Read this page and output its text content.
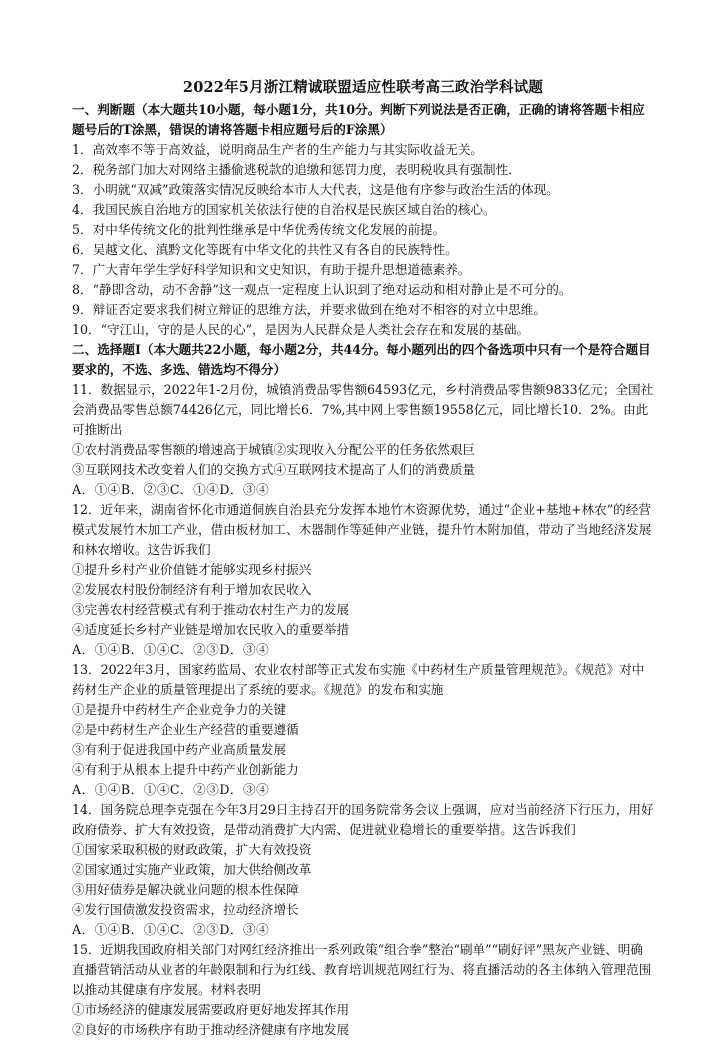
2022年5月浙江精诚联盟适应性联考高三政治学科试题
一、判断题（本大题共10小题，每小题1分，共10分。判断下列说法是否正确，正确的请将答题卡相应题号后的T涂黑，错误的请将答题卡相应题号后的F涂黑）
1．高效率不等于高效益，说明商品生产者的生产能力与其实际收益无关。
2．税务部门加大对网络主播偷逃税款的追缴和惩罚力度，表明税收具有强制性．
3．小明就“双减”政策落实情况反映给本市人大代表，这是他有序参与政治生活的体现。
4．我国民族自治地方的国家机关依法行使的自治权是民族区域自治的核心。
5．对中华传统文化的批判性继承是中华优秀传统文化发展的前提。
6．吴越文化、滇黔文化等既有中华文化的共性又有各自的民族特性。
7．广大青年学生学好科学知识和文史知识，有助于提升思想道德素养。
8．“静即含动，动不舍静”这一观点一定程度上认识到了绝对运动和相对静止是不可分的。
9．辩证否定要求我们树立辩证的思维方法，并要求做到在绝对不相容的对立中思维。
10．“守江山，守的是人民的心”，是因为人民群众是人类社会存在和发展的基础。
二、选择题Ⅰ（本大题共22小题，每小题2分，共44分。每小题列出的四个备选项中只有一个是符合题目要求的，不选、多选、错选均不得分）
11．数据显示，2022年1-2月份，城镇消费品零售额64593亿元，乡村消费品零售额9833亿元；全国社会消费品零售总额74426亿元，同比增长6．7%,其中网上零售额19558亿元，同比增长10．2%。由此可推断出
①农村消费品零售额的增速高于城镇②实现收入分配公平的任务依然艰巨
③互联网技术改变着人们的交换方式④互联网技术提高了人们的消费质量
A．①④B．②③C．①④D．③④
12．近年来，湖南省怀化市通道侗族自治县充分发挥本地竹木资源优势，通过“企业+基地+林农”的经营模式发展竹木加工产业，借由板材加工、木器制作等延伸产业链，提升竹木附加值，带动了当地经济发展和林农增收。这告诉我们
①提升乡村产业价值链才能够实现乡村振兴
②发展农村股份制经济有利于增加农民收入
③完善农村经营模式有利于推动农村生产力的发展
④适度延长乡村产业链是增加农民收入的重要举措
A．①④B．①④C．②③D．③④
13．2022年3月，国家药监局、农业农村部等正式发布实施《中药材生产质量管理规范》。《规范》对中药材生产企业的质量管理提出了系统的要求。《规范》的发布和实施
①是提升中药材生产企业竞争力的关键
②是中药材生产企业生产经营的重要遵循
③有利于促进我国中药产业高质量发展
④有利于从根本上提升中药产业创新能力
A．①④B．①④C．②③D．③④
14．国务院总理李克强在今年3月29日主持召开的国务院常务会议上强调，应对当前经济下行压力，用好政府债券、扩大有效投资，是带动消费扩大内需、促进就业稳增长的重要举措。这告诉我们
①国家采取积极的财政政策，扩大有效投资
②国家通过实施产业政策，加大供给侧改革
③用好债券是解决就业问题的根本性保障
④发行国债激发投资需求，拉动经济增长
A．①④B．①④C．②③D．③④
15．近期我国政府相关部门对网红经济推出一系列政策“组合拳”整治“刷单”“刷好评”黑灰产业链、明确直播营销活动从业者的年龄限制和行为红线、教育培训规范网红行为、将直播活动的各主体纳入管理范围以推动其健康有序发展。材料表明
①市场经济的健康发展需要政府更好地发挥其作用
②良好的市场秩序有助于推动经济健康有序地发展
